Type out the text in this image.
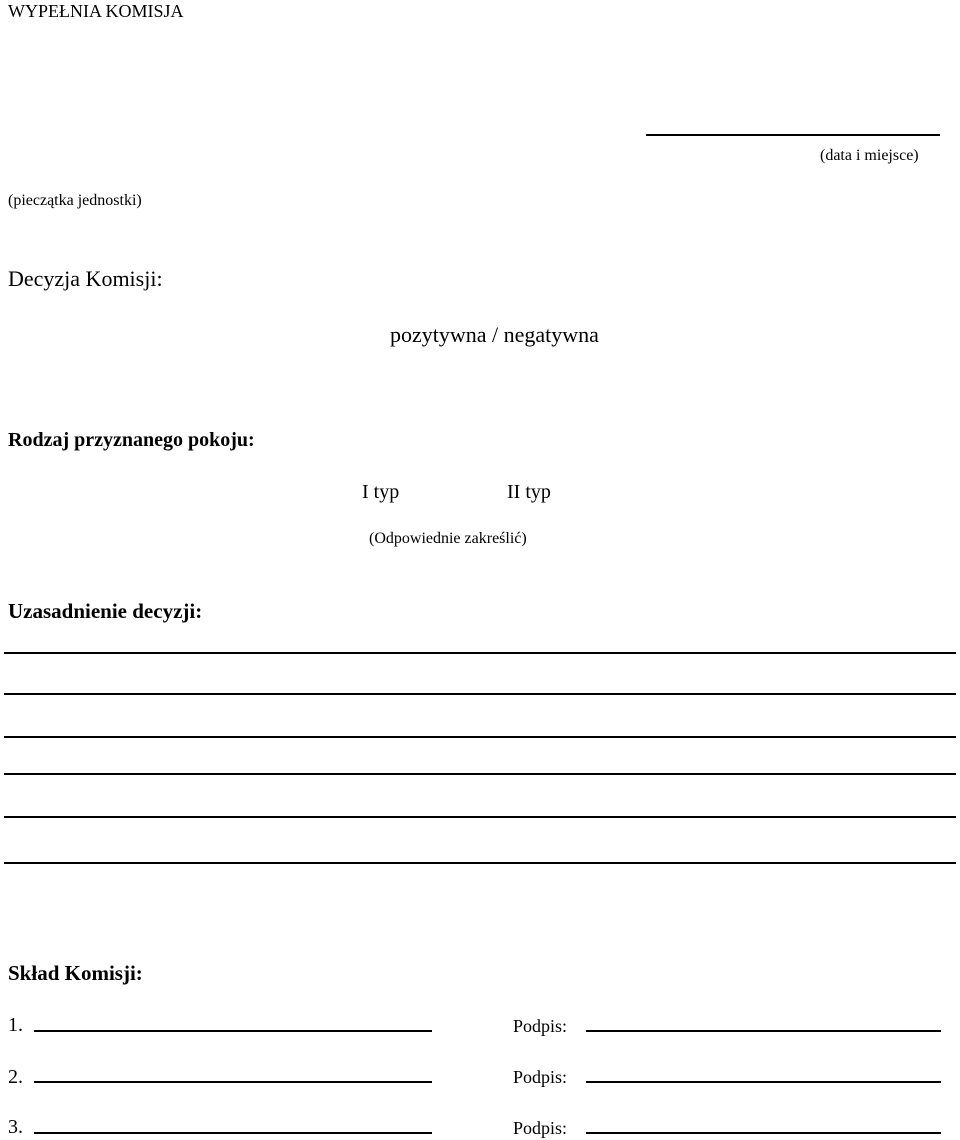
WYPEŁNIA KOMISJA
(data i miejsce)
(pieczątka jednostki)
Decyzja Komisji:
pozytywna / negatywna
Rodzaj przyznanego pokoju:
I typ	II typ
(Odpowiednie zakreślić)
Uzasadnienie decyzji:
Skład Komisji:
1.	Podpis:
2.	Podpis:
3.	Podpis:
